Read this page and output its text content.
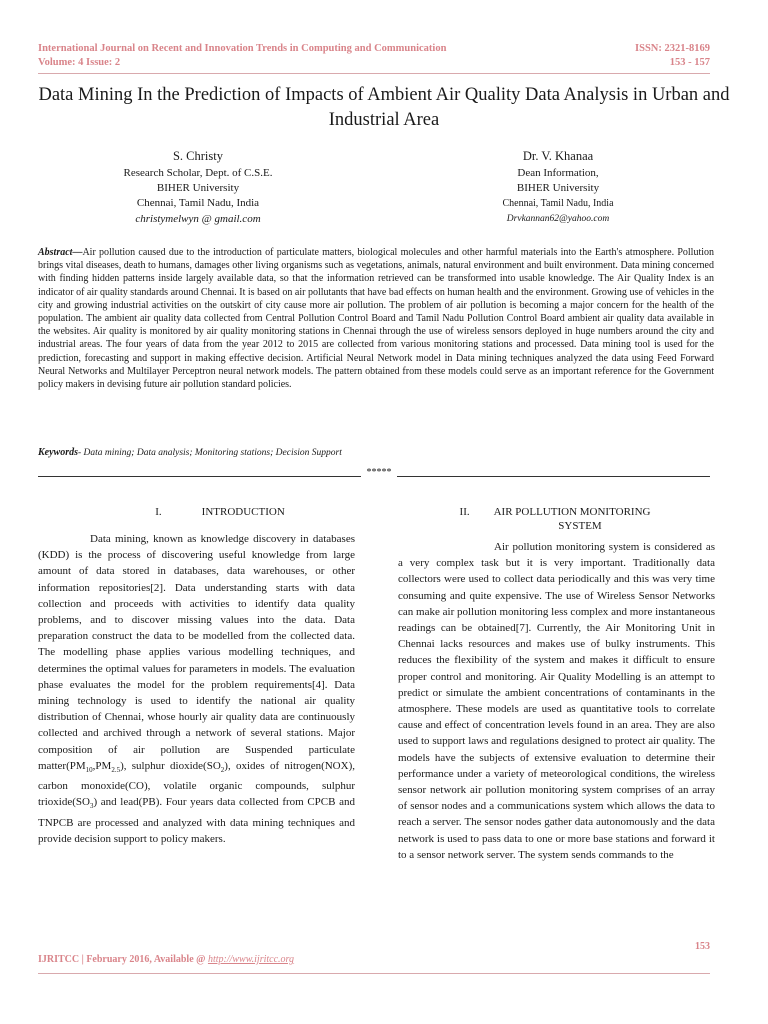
International Journal on Recent and Innovation Trends in Computing and Communication
Volume: 4 Issue: 2
ISSN: 2321-8169
153 - 157
Data Mining In the Prediction of Impacts of Ambient Air Quality Data Analysis in Urban and Industrial Area
S. Christy
Research Scholar, Dept. of C.S.E.
BIHER University
Chennai, Tamil Nadu, India
christymelwyn @ gmail.com
Dr. V. Khanaa
Dean Information,
BIHER University
Chennai, Tamil Nadu, India
Drvkannan62@yahoo.com
Abstract—Air pollution caused due to the introduction of particulate matters, biological molecules and other harmful materials into the Earth's atmosphere. Pollution brings vital diseases, death to humans, damages other living organisms such as vegetations, animals, natural environment and built environment. Data mining concerned with finding hidden patterns inside largely available data, so that the information retrieved can be transformed into usable knowledge. The Air Quality Index is an indicator of air quality standards around Chennai. It is based on air pollutants that have bad effects on human health and the environment. Growing use of vehicles in the city and growing industrial activities on the outskirt of city cause more air pollution. The problem of air pollution is becoming a major concern for the health of the population. The ambient air quality data collected from Central Pollution Control Board and Tamil Nadu Pollution Control Board ambient air quality data available in the websites. Air quality is monitored by air quality monitoring stations in Chennai through the use of wireless sensors deployed in huge numbers around the city and industrial areas. The four years of data from the year 2012 to 2015 are collected from various monitoring stations and processed. Data mining tool is used for the prediction, forecasting and support in making effective decision. Artificial Neural Network model in Data mining techniques analyzed the data using Feed Forward Neural Networks and Multilayer Perceptron neural network models. The pattern obtained from these models could serve as an important reference for the Government policy makers in devising future air pollution standard policies.
Keywords- Data mining; Data analysis; Monitoring stations; Decision Support
*****
I.	INTRODUCTION
Data mining, known as knowledge discovery in databases (KDD) is the process of discovering useful knowledge from large amount of data stored in databases, data warehouses, or other information repositories[2]. Data understanding starts with data collection and proceeds with activities to identify data quality problems, and to discover missing values into the data. Data preparation construct the data to be modelled from the collected data. The modelling phase applies various modelling techniques, and determines the optimal values for parameters in models. The evaluation phase evaluates the model for the problem requirements[4]. Data mining technology is used to identify the national air quality distribution of Chennai, whose hourly air quality data are continuously collected and archived through a network of several stations. Major composition of air pollution are Suspended particulate $matter(PM_{10},PM_{2.5})$, sulphur $dioxide(SO_2)$, oxides of nitrogen(NOX), carbon monoxide(CO), volatile organic compounds, sulphur $trioxide(SO_3)$ and lead(PB). Four years data collected from CPCB and TNPCB are processed and analyzed with data mining techniques and provide decision support to policy makers.
II. AIR POLLUTION MONITORING
SYSTEM
Air pollution monitoring system is considered as a very complex task but it is very important. Traditionally data collectors were used to collect data periodically and this was very time consuming and quite expensive. The use of Wireless Sensor Networks can make air pollution monitoring less complex and more instantaneous readings can be obtained[7]. Currently, the Air Monitoring Unit in Chennai lacks resources and makes use of bulky instruments. This reduces the flexibility of the system and makes it difficult to ensure proper control and monitoring. Air Quality Modelling is an attempt to predict or simulate the ambient concentrations of contaminants in the atmosphere. These models are used as quantitative tools to correlate cause and effect of concentration levels found in an area. They are also used to support laws and regulations designed to protect air quality. The models have the subjects of extensive evaluation to determine their performance under a variety of meteorological conditions, the wireless sensor network air pollution monitoring system comprises of an array of sensor nodes and a communications system which allows the data to reach a server. The sensor nodes gather data autonomously and the data network is used to pass data to one or more base stations and forward it to a sensor network server. The system sends commands to the
153
IJRITCC | February 2016, Available @ http://www.ijritcc.org
